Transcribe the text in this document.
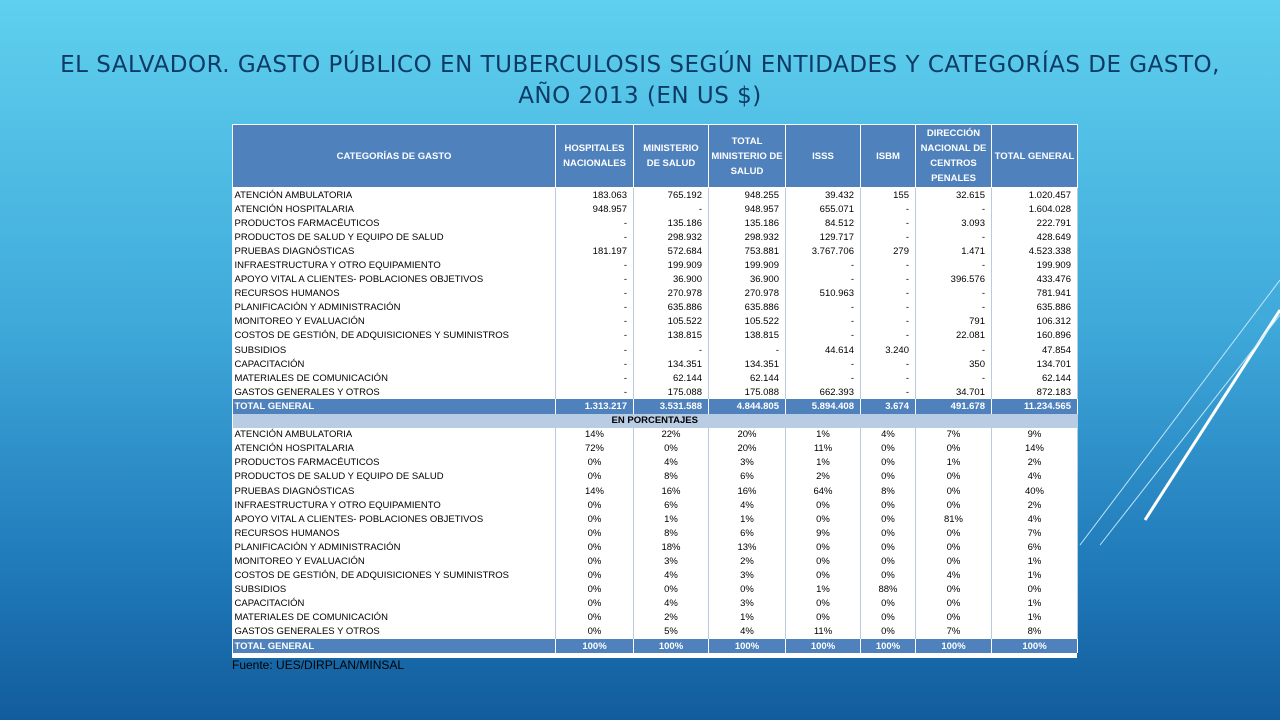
EL SALVADOR. GASTO PÚBLICO EN TUBERCULOSIS SEGÚN ENTIDADES Y CATEGORÍAS DE GASTO, AÑO 2013 (EN US $)
CATEGORÍAS DE GASTO	HOSPITALES NACIONALES	MINISTERIO DE SALUD	TOTAL MINISTERIO DE SALUD	ISSS	ISBM	DIRECCIÓN NACIONAL DE CENTROS PENALES	TOTAL GENERAL
ATENCIÓN AMBULATORIA	183.063	765.192	948.255	39.432	155	32.615	1.020.457
ATENCIÓN HOSPITALARIA	948.957	-	948.957	655.071	-	-	1.604.028
PRODUCTOS FARMACÉUTICOS	-	135.186	135.186	84.512	-	3.093	222.791
PRODUCTOS DE SALUD Y EQUIPO DE SALUD	-	298.932	298.932	129.717	-	-	428.649
PRUEBAS DIAGNÓSTICAS	181.197	572.684	753.881	3.767.706	279	1.471	4.523.338
INFRAESTRUCTURA Y OTRO EQUIPAMIENTO	-	199.909	199.909	-	-	-	199.909
APOYO VITAL A CLIENTES- POBLACIONES OBJETIVOS	-	36.900	36.900	-	-	396.576	433.476
RECURSOS HUMANOS	-	270.978	270.978	510.963	-	-	781.941
PLANIFICACIÓN Y ADMINISTRACIÓN	-	635.886	635.886	-	-	-	635.886
MONITOREO Y EVALUACIÓN	-	105.522	105.522	-	-	791	106.312
COSTOS DE GESTIÓN, DE ADQUISICIONES Y SUMINISTROS	-	138.815	138.815	-	-	22.081	160.896
SUBSIDIOS	-	-	-	44.614	3.240	-	47.854
CAPACITACIÓN	-	134.351	134.351	-	-	350	134.701
MATERIALES DE COMUNICACIÓN	-	62.144	62.144	-	-	-	62.144
GASTOS GENERALES Y OTROS	-	175.088	175.088	662.393	-	34.701	872.183
TOTAL GENERAL	1.313.217	3.531.588	4.844.805	5.894.408	3.674	491.678	11.234.565
EN PORCENTAJES							
ATENCIÓN AMBULATORIA	14%	22%	20%	1%	4%	7%	9%
ATENCIÓN HOSPITALARIA	72%	0%	20%	11%	0%	0%	14%
PRODUCTOS FARMACÉUTICOS	0%	4%	3%	1%	0%	1%	2%
PRODUCTOS DE SALUD Y EQUIPO DE SALUD	0%	8%	6%	2%	0%	0%	4%
PRUEBAS DIAGNÓSTICAS	14%	16%	16%	64%	8%	0%	40%
INFRAESTRUCTURA Y OTRO EQUIPAMIENTO	0%	6%	4%	0%	0%	0%	2%
APOYO VITAL A CLIENTES- POBLACIONES OBJETIVOS	0%	1%	1%	0%	0%	81%	4%
RECURSOS HUMANOS	0%	8%	6%	9%	0%	0%	7%
PLANIFICACIÓN Y ADMINISTRACIÓN	0%	18%	13%	0%	0%	0%	6%
MONITOREO Y EVALUACIÓN	0%	3%	2%	0%	0%	0%	1%
COSTOS DE GESTIÓN, DE ADQUISICIONES Y SUMINISTROS	0%	4%	3%	0%	0%	4%	1%
SUBSIDIOS	0%	0%	0%	1%	88%	0%	0%
CAPACITACIÓN	0%	4%	3%	0%	0%	0%	1%
MATERIALES DE COMUNICACIÓN	0%	2%	1%	0%	0%	0%	1%
GASTOS GENERALES Y OTROS	0%	5%	4%	11%	0%	7%	8%
TOTAL GENERAL	100%	100%	100%	100%	100%	100%	100%
Fuente: UES/DIRPLAN/MINSAL
